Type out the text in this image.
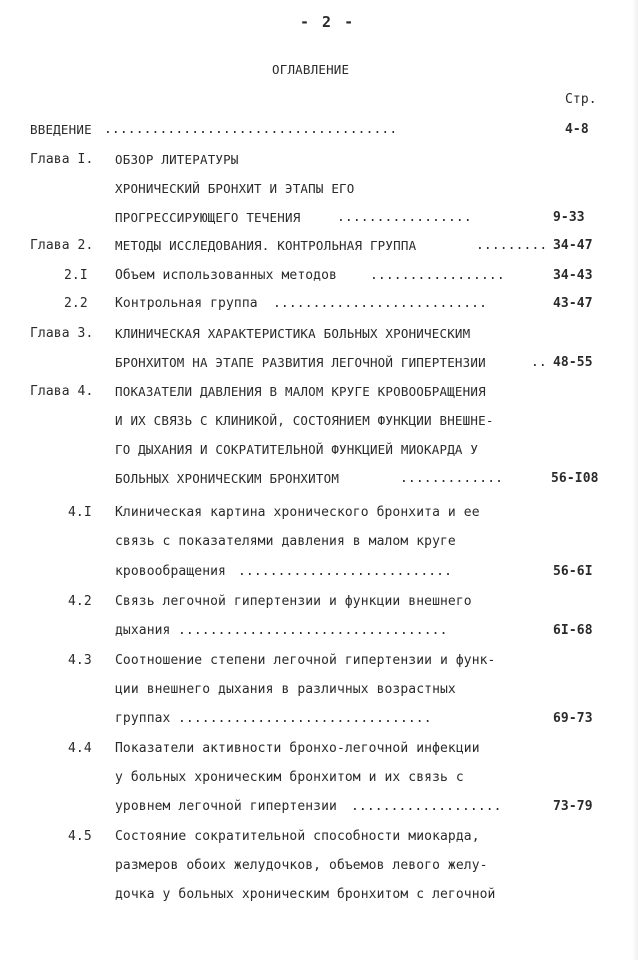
- 2 -
ОГЛАВЛЕНИЕ
Стр.
ВВЕДЕНИЕ .....................................	4-8
Глава I. ОБЗОР ЛИТЕРАТУРЫ
ХРОНИЧЕСКИЙ БРОНХИТ И ЭТАПЫ ЕГО
ПРОГРЕССИРУЮЩЕГО ТЕЧЕНИЯ	.................	9-33
Глава 2. МЕТОДЫ ИССЛЕДОВАНИЯ. КОНТРОЛЬНАЯ ГРУППА	......... 34-47
2.I Объем использованных методов	.................	34-43
2.2 Контрольная группа ...........................	43-47
Глава 3. КЛИНИЧЕСКАЯ ХАРАКТЕРИСТИКА БОЛЬНЫХ ХРОНИЧЕСКИМ
БРОНХИТОМ НА ЭТАПЕ РАЗВИТИЯ ЛЕГОЧНОЙ ГИПЕРТЕНЗИИ	.. 48-55
Глава 4. ПОКАЗАТЕЛИ ДАВЛЕНИЯ В МАЛОМ КРУГЕ КРОВООБРАЩЕНИЯ
И ИХ СВЯЗЬ С КЛИНИКОЙ, СОСТОЯНИЕМ ФУНКЦИИ ВНЕШНЕ-
ГО ДЫХАНИЯ И СОКРАТИТЕЛЬНОЙ ФУНКЦИЕЙ МИОКАРДА У
БОЛЬНЫХ ХРОНИЧЕСКИМ БРОНХИТОМ	.............	56-I08
4.I Клиническая картина хронического бронхита и ее
связь с показателями давления в малом круге
кровообращения ...........................	56-6I
4.2 Связь легочной гипертензии и функции внешнего
дыхания ..................................	6I-68
4.3 Соотношение степени легочной гипертензии и функ-
ции внешнего дыхания в различных возрастных
группах ................................	69-73
4.4 Показатели активности бронхо-легочной инфекции
у больных хроническим бронхитом и их связь с
уровнем легочной гипертензии ...................	73-79
4.5 Состояние сократительной способности миокарда,
размеров обоих желудочков, объемов левого желу-
дочка у больных хроническим бронхитом с легочной
